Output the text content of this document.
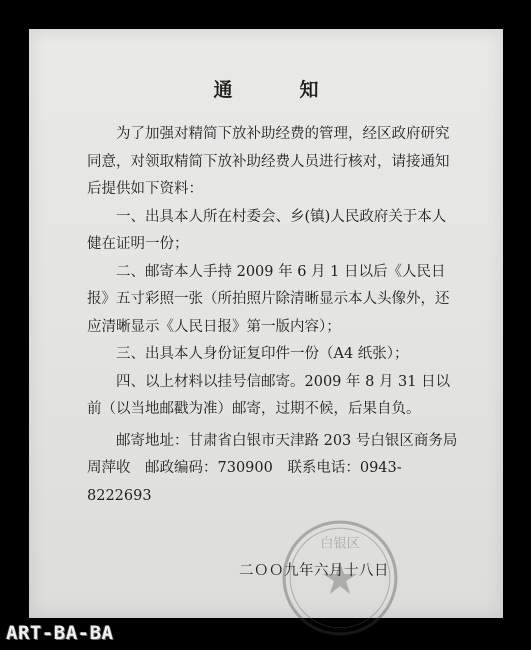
通　知

为了加强对精简下放补助经费的管理，经区政府研究同意，对领取精简下放补助经费人员进行核对，请接通知后提供如下资料：

一、出具本人所在村委会、乡(镇)人民政府关于本人健在证明一份；

二、邮寄本人手持 2009 年 6 月 1 日以后《人民日报》五寸彩照一张（所拍照片除清晰显示本人头像外，还应清晰显示《人民日报》第一版内容）；

三、出具本人身份证复印件一份（A4 纸张）；

四、以上材料以挂号信邮寄。2009 年 8 月 31 日以前（以当地邮戳为准）邮寄，过期不候，后果自负。

邮寄地址：甘肃省白银市天津路 203 号白银区商务局周萍收　邮政编码：730900　联系电话：0943-8222693

白银区
二ＯＯ九年六月十八日
ART-BA-BA
